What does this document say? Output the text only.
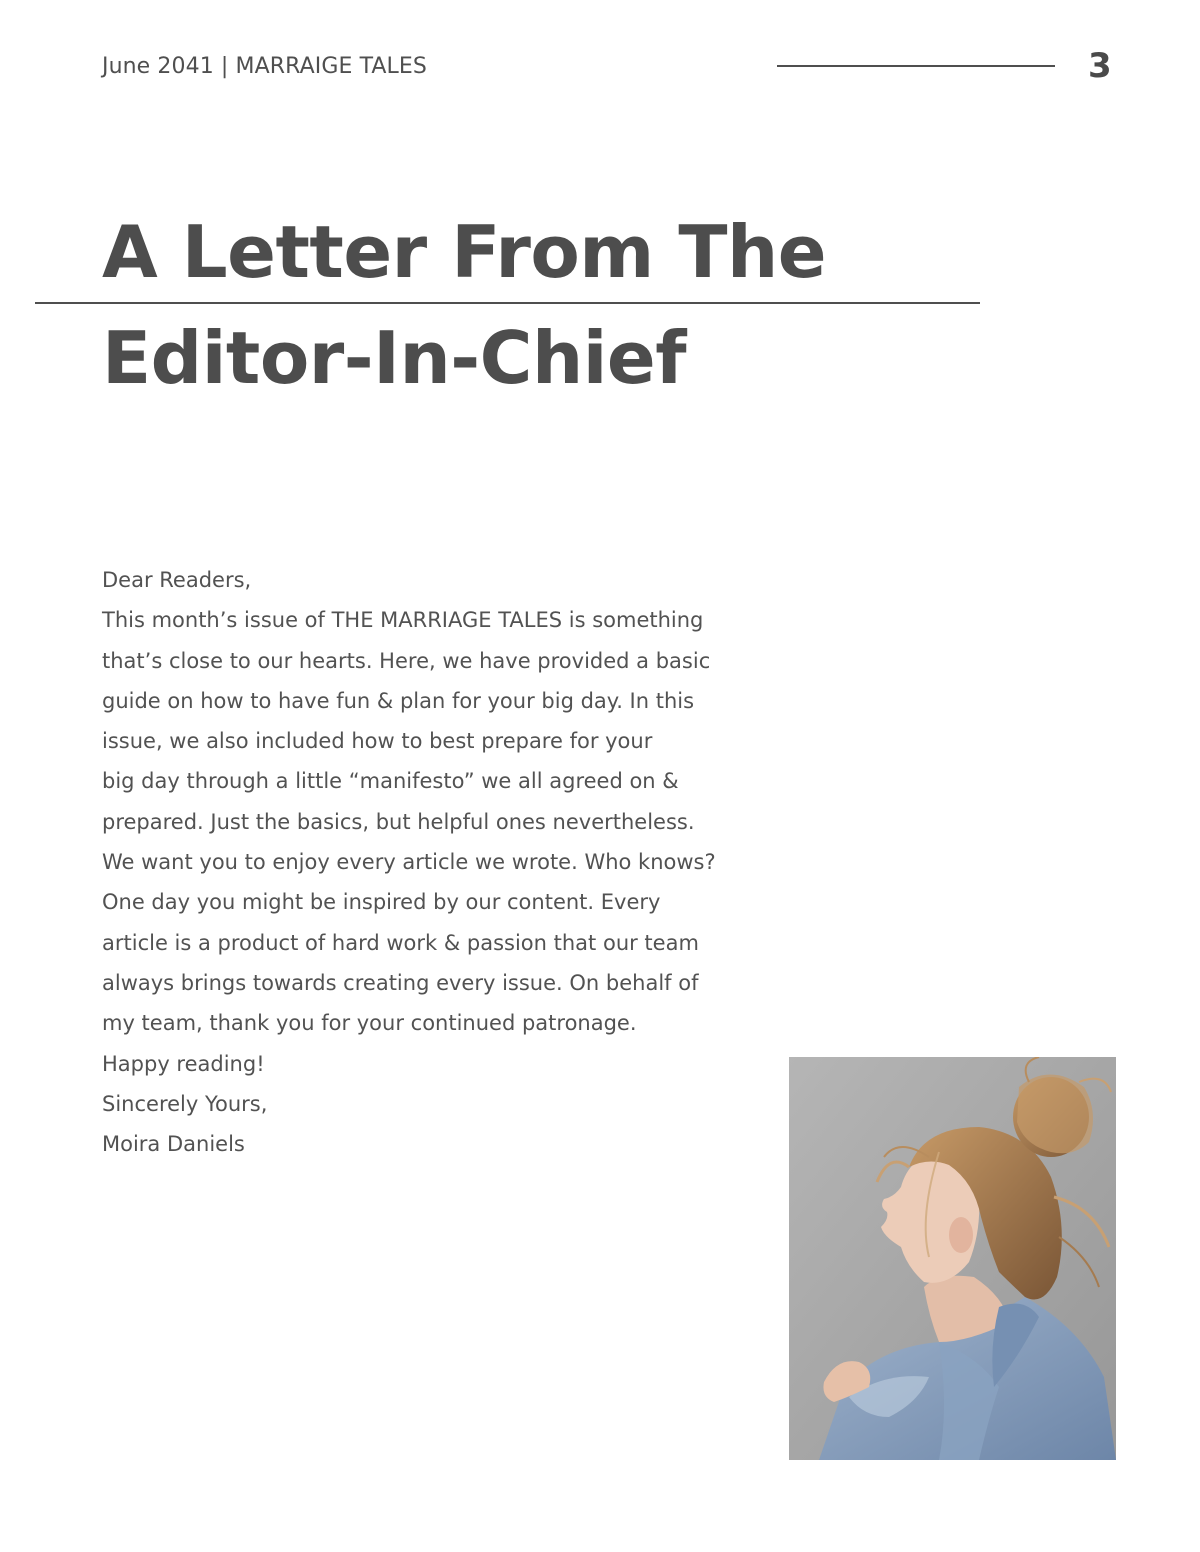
June 2041 | MARRAIGE TALES	3
A Letter From The
Editor-In-Chief
Dear Readers,
This month’s issue of THE MARRIAGE TALES is something
that’s close to our hearts. Here, we have provided a basic
guide on how to have fun & plan for your big day. In this
issue, we also included how to best prepare for your
big day through a little “manifesto” we all agreed on &
prepared. Just the basics, but helpful ones nevertheless.
We want you to enjoy every article we wrote. Who knows?
One day you might be inspired by our content. Every
article is a product of hard work & passion that our team
always brings towards creating every issue. On behalf of
my team, thank you for your continued patronage.
Happy reading!
Sincerely Yours,
Moira Daniels
